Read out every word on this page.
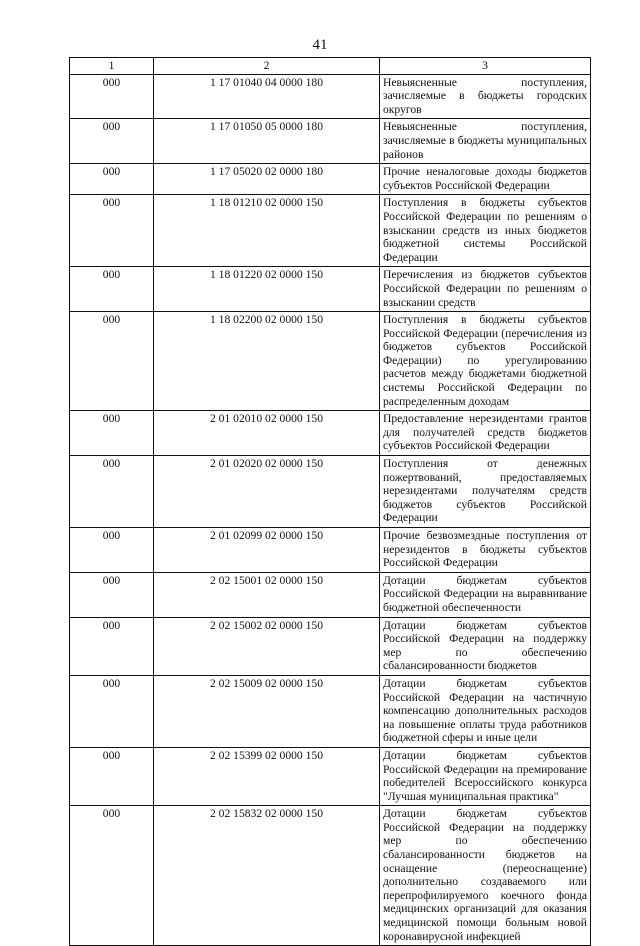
41
1	2	3
000	1 17 01040 04 0000 180	Невыясненные поступления, зачисляемые в бюджеты городских округов
000	1 17 01050 05 0000 180	Невыясненные поступления, зачисляемые в бюджеты муниципальных районов
000	1 17 05020 02 0000 180	Прочие неналоговые доходы бюджетов субъектов Российской Федерации
000	1 18 01210 02 0000 150	Поступления в бюджеты субъектов Российской Федерации по решениям о взыскании средств из иных бюджетов бюджетной системы Российской Федерации
000	1 18 01220 02 0000 150	Перечисления из бюджетов субъектов Российской Федерации по решениям о взыскании средств
000	1 18 02200 02 0000 150	Поступления в бюджеты субъектов Российской Федерации (перечисления из бюджетов субъектов Российской Федерации) по урегулированию расчетов между бюджетами бюджетной системы Российской Федерации по распределенным доходам
000	2 01 02010 02 0000 150	Предоставление нерезидентами грантов для получателей средств бюджетов субъектов Российской Федерации
000	2 01 02020 02 0000 150	Поступления от денежных пожертвований, предоставляемых нерезидентами получателям средств бюджетов субъектов Российской Федерации
000	2 01 02099 02 0000 150	Прочие безвозмездные поступления от нерезидентов в бюджеты субъектов Российской Федерации
000	2 02 15001 02 0000 150	Дотации бюджетам субъектов Российской Федерации на выравнивание бюджетной обеспеченности
000	2 02 15002 02 0000 150	Дотации бюджетам субъектов Российской Федерации на поддержку мер по обеспечению сбалансированности бюджетов
000	2 02 15009 02 0000 150	Дотации бюджетам субъектов Российской Федерации на частичную компенсацию дополнительных расходов на повышение оплаты труда работников бюджетной сферы и иные цели
000	2 02 15399 02 0000 150	Дотации бюджетам субъектов Российской Федерации на премирование победителей Всероссийского конкурса "Лучшая муниципальная практика"
000	2 02 15832 02 0000 150	Дотации бюджетам субъектов Российской Федерации на поддержку мер по обеспечению сбалансированности бюджетов на оснащение (переоснащение) дополнительно создаваемого или перепрофилируемого коечного фонда медицинских организаций для оказания медицинской помощи больным новой коронавирусной инфекцией
